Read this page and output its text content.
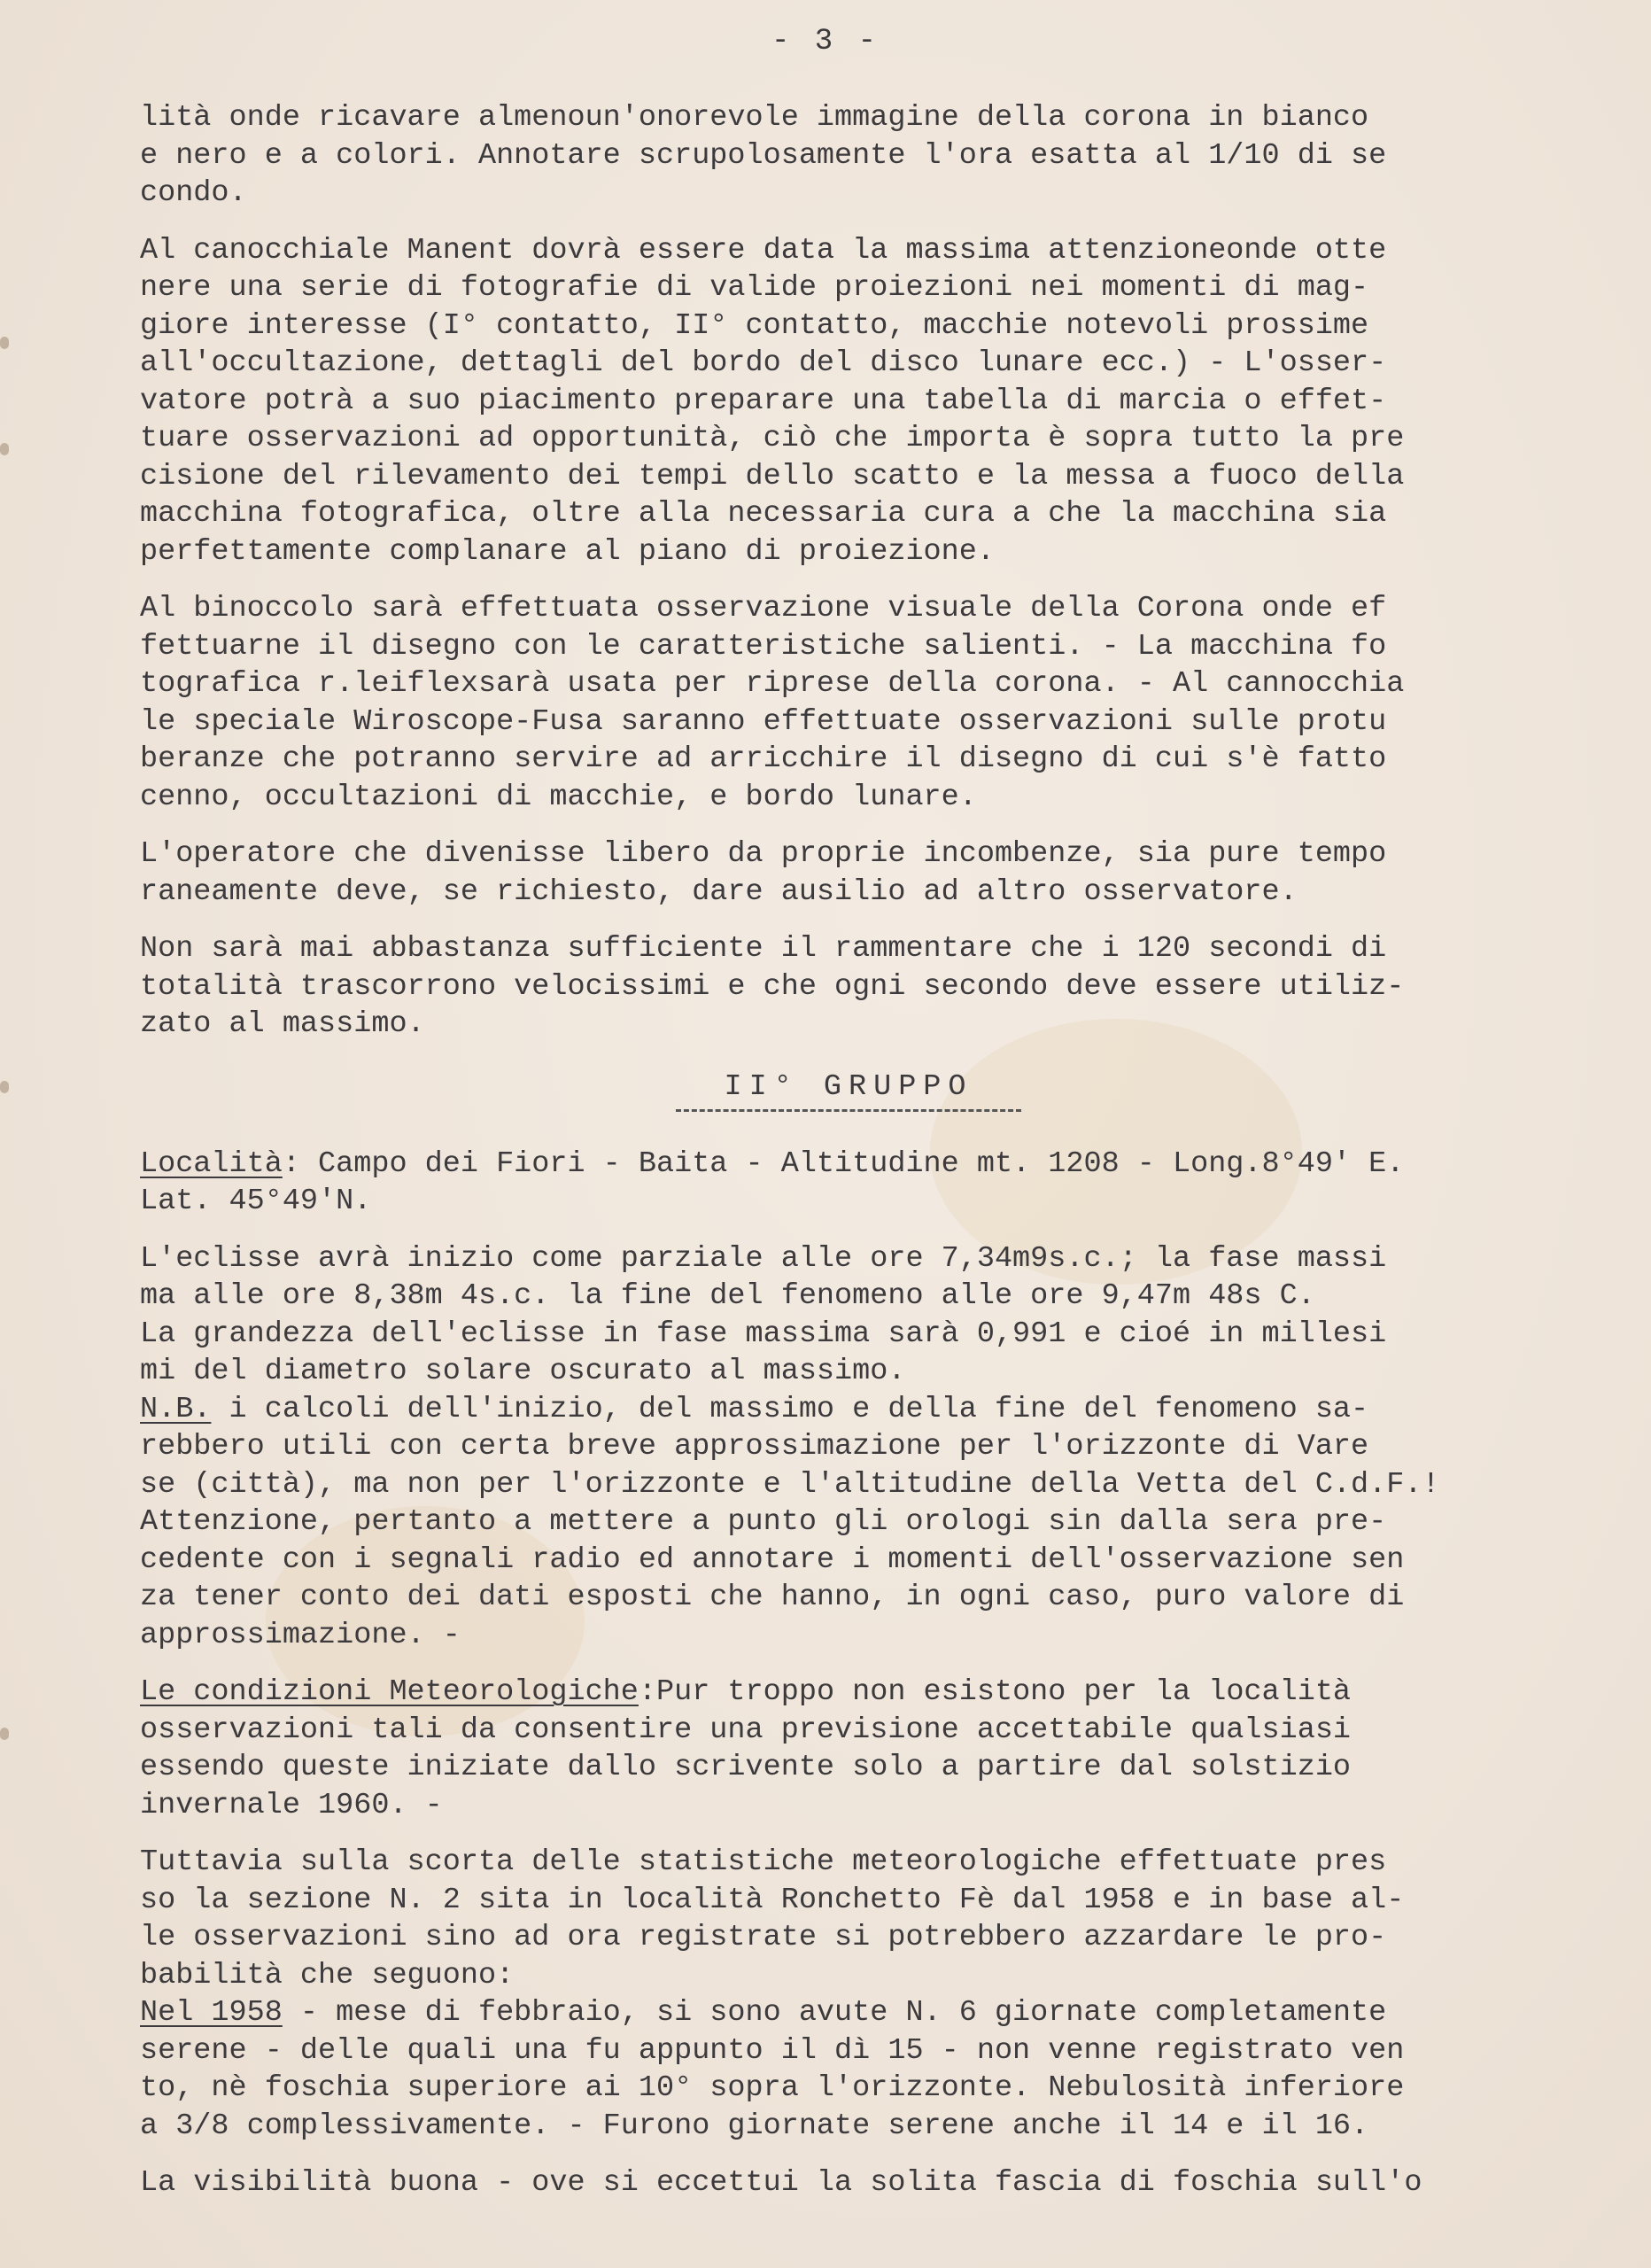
- 3 -

lità onde ricavare almenoun'onorevole immagine della corona in bianco
e nero e a colori. Annotare scrupolosamente l'ora esatta al 1/10 di se
condo.

Al canocchiale Manent dovrà essere data la massima attenzioneonde otte
nere una serie di fotografie di valide proiezioni nei momenti di mag-
giore interesse (I° contatto, II° contatto, macchie notevoli prossime
all'occultazione, dettagli del bordo del disco lunare ecc.) - L'osser-
vatore potrà a suo piacimento preparare una tabella di marcia o effet-
tuare osservazioni ad opportunità, ciò che importa è sopra tutto la pre
cisione del rilevamento dei tempi dello scatto e la messa a fuoco della
macchina fotografica, oltre alla necessaria cura a che la macchina sia
perfettamente complanare al piano di proiezione.

Al binoccolo sarà effettuata osservazione visuale della Corona onde ef
fettuarne il disegno con le caratteristiche salienti. - La macchina fo
tografica r.leiflexsarà usata per riprese della corona. - Al cannocchia
le speciale Wiroscope-Fusa saranno effettuate osservazioni sulle protu
beranze che potranno servire ad arricchire il disegno di cui s'è fatto
cenno, occultazioni di macchie, e bordo lunare.

L'operatore che divenisse libero da proprie incombenze, sia pure tempo
raneamente deve, se richiesto, dare ausilio ad altro osservatore.

Non sarà mai abbastanza sufficiente il rammentare che i 120 secondi di
totalità trascorrono velocissimi e che ogni secondo deve essere utiliz-
zato al massimo.

II° GRUPPO

Località: Campo dei Fiori - Baita - Altitudine mt. 1208 - Long.8°49' E.
Lat. 45°49'N.

L'eclisse avrà inizio come parziale alle ore 7,34m9s.c.; la fase massi
ma alle ore 8,38m 4s.c. la fine del fenomeno alle ore 9,47m 48s C.
La grandezza dell'eclisse in fase massima sarà 0,991 e cioé in millesi
mi del diametro solare oscurato al massimo.

N.B. i calcoli dell'inizio, del massimo e della fine del fenomeno sa-
rebbero utili con certa breve approssimazione per l'orizzonte di Vare
se (città), ma non per l'orizzonte e l'altitudine della Vetta del C.d.F.!
Attenzione, pertanto a mettere a punto gli orologi sin dalla sera pre-
cedente con i segnali radio ed annotare i momenti dell'osservazione sen
za tener conto dei dati esposti che hanno, in ogni caso, puro valore di
approssimazione. -

Le condizioni Meteorologiche:Pur troppo non esistono per la località
osservazioni tali da consentire una previsione accettabile qualsiasi
essendo queste iniziate dallo scrivente solo a partire dal solstizio
invernale 1960. -

Tuttavia sulla scorta delle statistiche meteorologiche effettuate pres
so la sezione N. 2 sita in località Ronchetto Fè dal 1958 e in base al-
le osservazioni sino ad ora registrate si potrebbero azzardare le pro-
babilità che seguono:

Nel 1958 - mese di febbraio, si sono avute N. 6 giornate completamente
serene - delle quali una fu appunto il dì 15 - non venne registrato ven
to, nè foschia superiore ai 10° sopra l'orizzonte. Nebulosità inferiore
a 3/8 complessivamente. - Furono giornate serene anche il 14 e il 16.

La visibilità buona - ove si eccettui la solita fascia di foschia sull'o
